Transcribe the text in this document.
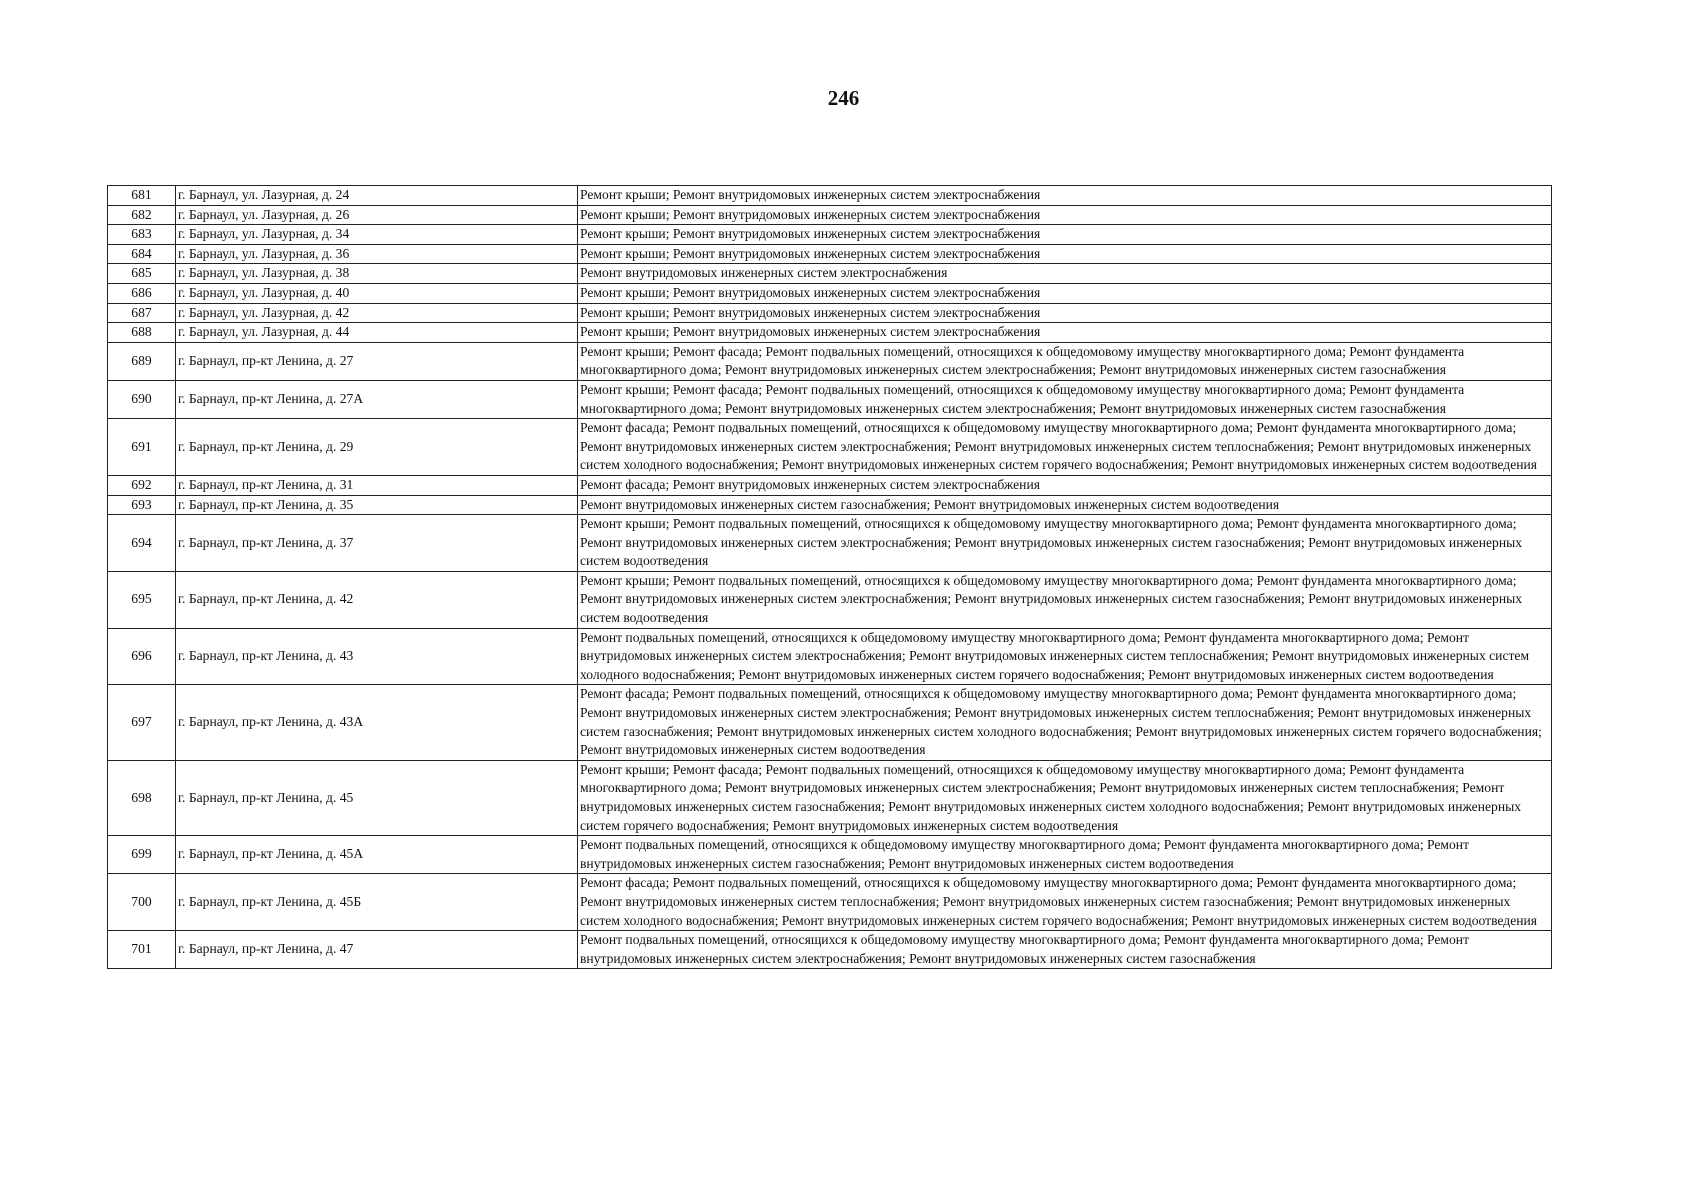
246
681	г. Барнаул, ул. Лазурная, д. 24	Ремонт крыши; Ремонт внутридомовых инженерных систем электроснабжения
682	г. Барнаул, ул. Лазурная, д. 26	Ремонт крыши; Ремонт внутридомовых инженерных систем электроснабжения
683	г. Барнаул, ул. Лазурная, д. 34	Ремонт крыши; Ремонт внутридомовых инженерных систем электроснабжения
684	г. Барнаул, ул. Лазурная, д. 36	Ремонт крыши; Ремонт внутридомовых инженерных систем электроснабжения
685	г. Барнаул, ул. Лазурная, д. 38	Ремонт внутридомовых инженерных систем электроснабжения
686	г. Барнаул, ул. Лазурная, д. 40	Ремонт крыши; Ремонт внутридомовых инженерных систем электроснабжения
687	г. Барнаул, ул. Лазурная, д. 42	Ремонт крыши; Ремонт внутридомовых инженерных систем электроснабжения
688	г. Барнаул, ул. Лазурная, д. 44	Ремонт крыши; Ремонт внутридомовых инженерных систем электроснабжения
689	г. Барнаул, пр-кт Ленина, д. 27	Ремонт крыши; Ремонт фасада; Ремонт подвальных помещений, относящихся к общедомовому имуществу многоквартирного дома; Ремонт фундамента многоквартирного дома; Ремонт внутридомовых инженерных систем электроснабжения; Ремонт внутридомовых инженерных систем газоснабжения
690	г. Барнаул, пр-кт Ленина, д. 27А	Ремонт крыши; Ремонт фасада; Ремонт подвальных помещений, относящихся к общедомовому имуществу многоквартирного дома; Ремонт фундамента многоквартирного дома; Ремонт внутридомовых инженерных систем электроснабжения; Ремонт внутридомовых инженерных систем газоснабжения
691	г. Барнаул, пр-кт Ленина, д. 29	Ремонт фасада; Ремонт подвальных помещений, относящихся к общедомовому имуществу многоквартирного дома; Ремонт фундамента многоквартирного дома; Ремонт внутридомовых инженерных систем электроснабжения; Ремонт внутридомовых инженерных систем теплоснабжения; Ремонт внутридомовых инженерных систем холодного водоснабжения; Ремонт внутридомовых инженерных систем горячего водоснабжения; Ремонт внутридомовых инженерных систем водоотведения
692	г. Барнаул, пр-кт Ленина, д. 31	Ремонт фасада; Ремонт внутридомовых инженерных систем электроснабжения
693	г. Барнаул, пр-кт Ленина, д. 35	Ремонт внутридомовых инженерных систем газоснабжения; Ремонт внутридомовых инженерных систем водоотведения
694	г. Барнаул, пр-кт Ленина, д. 37	Ремонт крыши; Ремонт подвальных помещений, относящихся к общедомовому имуществу многоквартирного дома; Ремонт фундамента многоквартирного дома; Ремонт внутридомовых инженерных систем электроснабжения; Ремонт внутридомовых инженерных систем газоснабжения; Ремонт внутридомовых инженерных систем водоотведения
695	г. Барнаул, пр-кт Ленина, д. 42	Ремонт крыши; Ремонт подвальных помещений, относящихся к общедомовому имуществу многоквартирного дома; Ремонт фундамента многоквартирного дома; Ремонт внутридомовых инженерных систем электроснабжения; Ремонт внутридомовых инженерных систем газоснабжения; Ремонт внутридомовых инженерных систем водоотведения
696	г. Барнаул, пр-кт Ленина, д. 43	Ремонт подвальных помещений, относящихся к общедомовому имуществу многоквартирного дома; Ремонт фундамента многоквартирного дома; Ремонт внутридомовых инженерных систем электроснабжения; Ремонт внутридомовых инженерных систем теплоснабжения; Ремонт внутридомовых инженерных систем холодного водоснабжения; Ремонт внутридомовых инженерных систем горячего водоснабжения; Ремонт внутридомовых инженерных систем водоотведения
697	г. Барнаул, пр-кт Ленина, д. 43А	Ремонт фасада; Ремонт подвальных помещений, относящихся к общедомовому имуществу многоквартирного дома; Ремонт фундамента многоквартирного дома; Ремонт внутридомовых инженерных систем электроснабжения; Ремонт внутридомовых инженерных систем теплоснабжения; Ремонт внутридомовых инженерных систем газоснабжения; Ремонт внутридомовых инженерных систем холодного водоснабжения; Ремонт внутридомовых инженерных систем горячего водоснабжения; Ремонт внутридомовых инженерных систем водоотведения
698	г. Барнаул, пр-кт Ленина, д. 45	Ремонт крыши; Ремонт фасада; Ремонт подвальных помещений, относящихся к общедомовому имуществу многоквартирного дома; Ремонт фундамента многоквартирного дома; Ремонт внутридомовых инженерных систем электроснабжения; Ремонт внутридомовых инженерных систем теплоснабжения; Ремонт внутридомовых инженерных систем газоснабжения; Ремонт внутридомовых инженерных систем холодного водоснабжения; Ремонт внутридомовых инженерных систем горячего водоснабжения; Ремонт внутридомовых инженерных систем водоотведения
699	г. Барнаул, пр-кт Ленина, д. 45А	Ремонт подвальных помещений, относящихся к общедомовому имуществу многоквартирного дома; Ремонт фундамента многоквартирного дома; Ремонт внутридомовых инженерных систем газоснабжения; Ремонт внутридомовых инженерных систем водоотведения
700	г. Барнаул, пр-кт Ленина, д. 45Б	Ремонт фасада; Ремонт подвальных помещений, относящихся к общедомовому имуществу многоквартирного дома; Ремонт фундамента многоквартирного дома; Ремонт внутридомовых инженерных систем теплоснабжения; Ремонт внутридомовых инженерных систем газоснабжения; Ремонт внутридомовых инженерных систем холодного водоснабжения; Ремонт внутридомовых инженерных систем горячего водоснабжения; Ремонт внутридомовых инженерных систем водоотведения
701	г. Барнаул, пр-кт Ленина, д. 47	Ремонт подвальных помещений, относящихся к общедомовому имуществу многоквартирного дома; Ремонт фундамента многоквартирного дома; Ремонт внутридомовых инженерных систем электроснабжения; Ремонт внутридомовых инженерных систем газоснабжения
